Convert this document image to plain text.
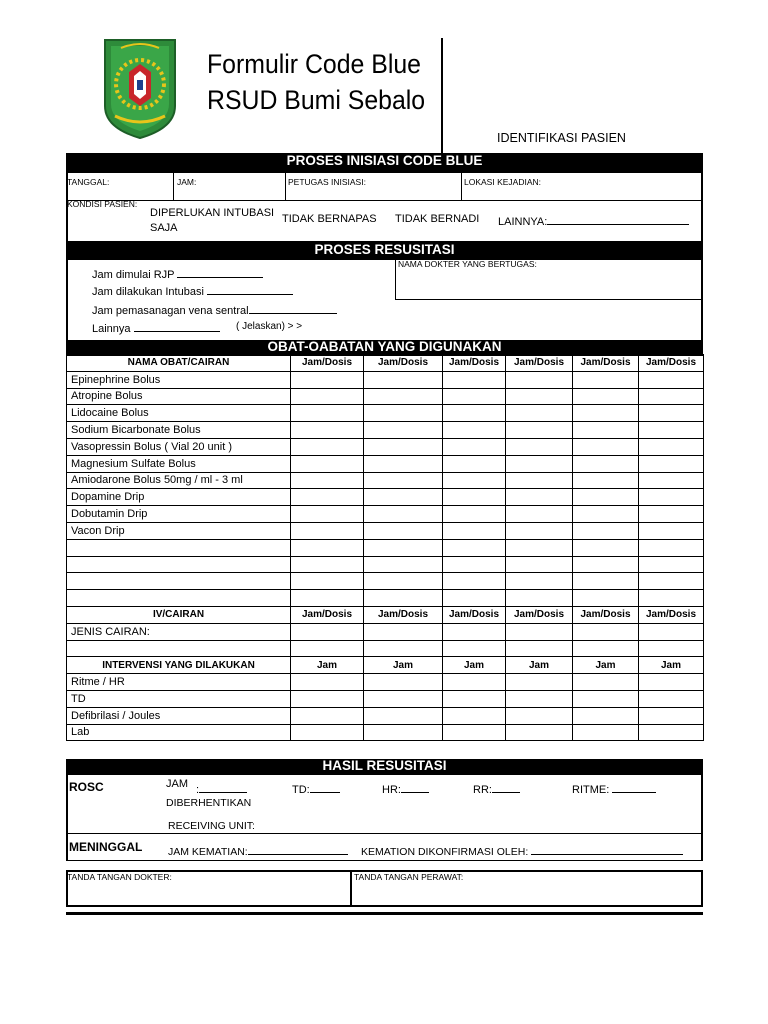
Formulir Code Blue
RSUD Bumi Sebalo
IDENTIFIKASI PASIEN
PROSES INISIASI CODE BLUE
TANGGAL:	JAM:	PETUGAS INISIASI:	LOKASI KEJADIAN:
KONDISI PASIEN:
DIPERLUKAN INTUBASI
SAJA
TIDAK BERNAPAS TIDAK BERNADI LAINNYA:
PROSES RESUSITASI
NAMA DOKTER YANG BERTUGAS:
Jam dimulai RJP
Jam dilakukan Intubasi
Jam pemasanagan vena sentral
Lainnya	( Jelaskan) > >
OBAT-OABATAN YANG DIGUNAKAN
NAMA OBAT/CAIRAN	Jam/Dosis	Jam/Dosis	Jam/Dosis	Jam/Dosis	Jam/Dosis	Jam/Dosis
Epinephrine Bolus						
Atropine Bolus						
Lidocaine Bolus						
Sodium Bicarbonate Bolus						
Vasopressin Bolus ( Vial 20 unit )						
Magnesium Sulfate Bolus						
Amiodarone Bolus 50mg / ml - 3 ml						
Dopamine Drip						
Dobutamin Drip						
Vacon Drip						

IV/CAIRAN	Jam/Dosis	Jam/Dosis	Jam/Dosis	Jam/Dosis	Jam/Dosis	Jam/Dosis
JENIS CAIRAN:						

INTERVENSI YANG DILAKUKAN	Jam	Jam	Jam	Jam	Jam	Jam
Ritme / HR						
TD						
Defibrilasi / Joules						
Lab						
HASIL RESUSITASI
ROSC	JAM :
DIBERHENTIKAN
TD:	HR:	RR:	RITME:
RECEIVING UNIT:
MENINGGAL JAM KEMATIAN:	KEMATION DIKONFIRMASI OLEH:
TANDA TANGAN DOKTER:	TANDA TANGAN PERAWAT:
